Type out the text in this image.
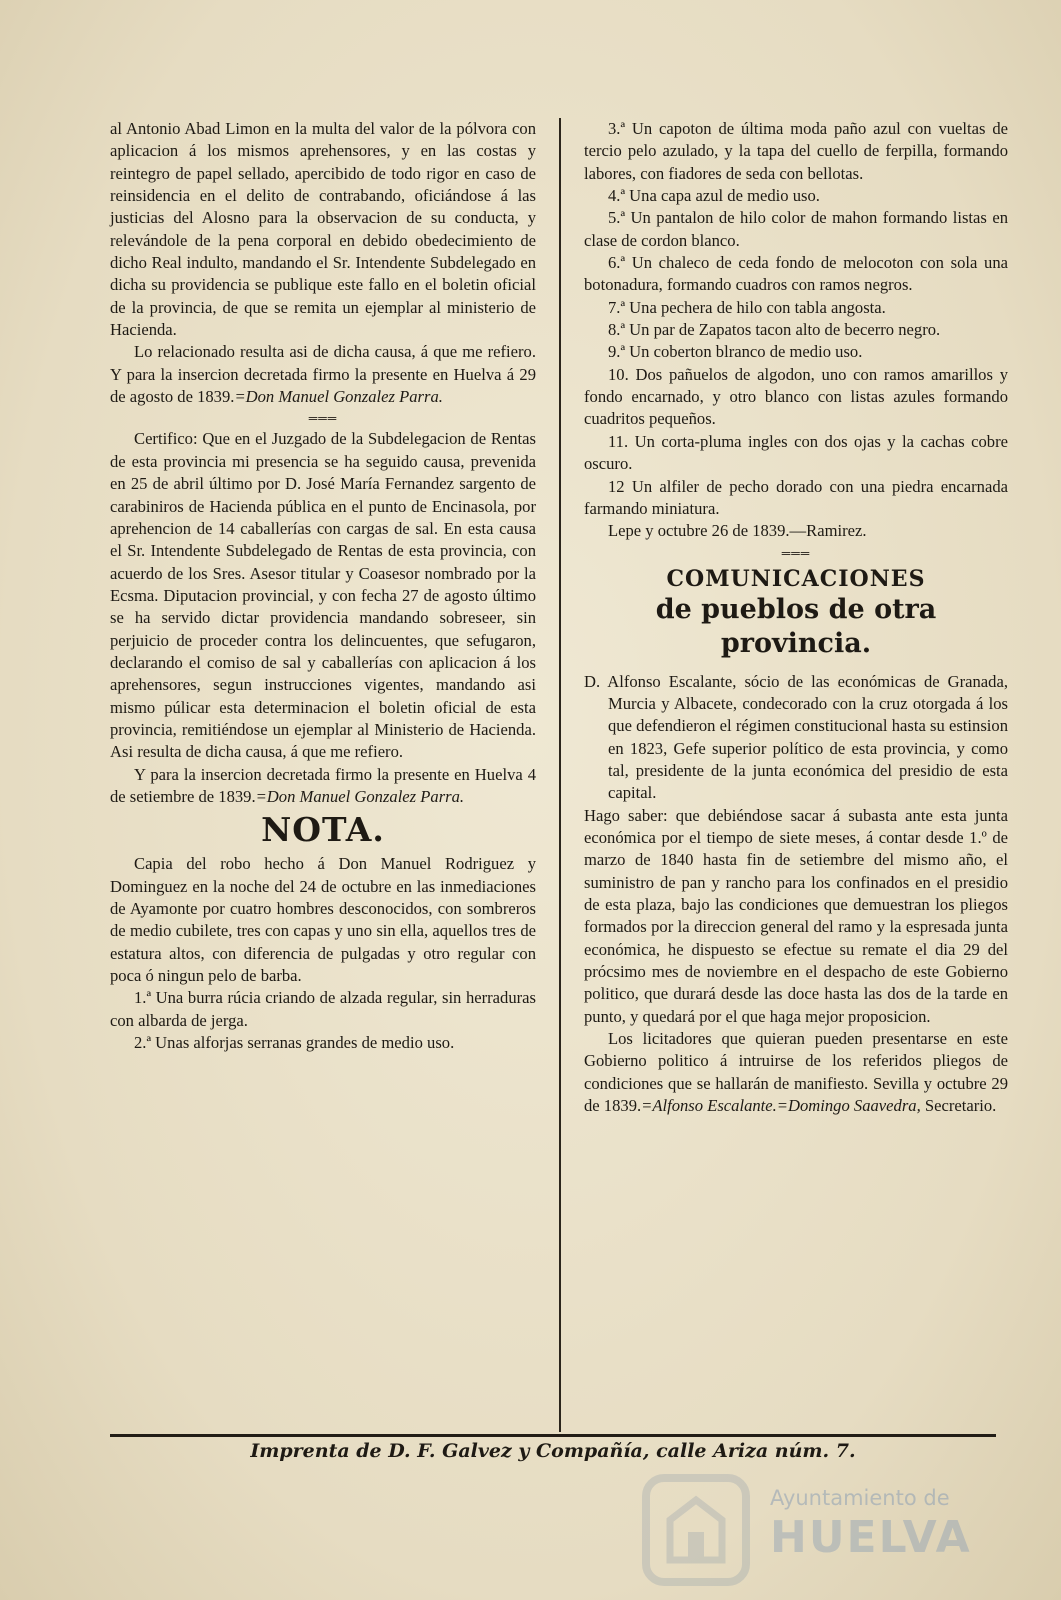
al Antonio Abad Limon en la multa del valor de la pólvora con aplicacion á los mismos aprehensores, y en las costas y reintegro de papel sellado, apercibido de todo rigor en caso de reinsidencia en el delito de contrabando, oficiándose á las justicias del Alosno para la observacion de su conducta, y relevándole de la pena corporal en debido obedecimiento de dicho Real indulto, mandando el Sr. Intendente Subdelegado en dicha su providencia se publique este fallo en el boletin oficial de la provincia, de que se remita un ejemplar al ministerio de Hacienda.

Lo relacionado resulta asi de dicha causa, á que me refiero. Y para la insercion decretada firmo la presente en Huelva á 29 de agosto de 1839.=Don Manuel Gonzalez Parra.

═══

Certifico: Que en el Juzgado de la Subdelegacion de Rentas de esta provincia mi presencia se ha seguido causa, prevenida en 25 de abril último por D. José María Fernandez sargento de carabiniros de Hacienda pública en el punto de Encinasola, por aprehencion de 14 caballerías con cargas de sal. En esta causa el Sr. Intendente Subdelegado de Rentas de esta provincia, con acuerdo de los Sres. Asesor titular y Coasesor nombrado por la Ecsma. Diputacion provincial, y con fecha 27 de agosto último se ha servido dictar providencia mandando sobreseer, sin perjuicio de proceder contra los delincuentes, que sefugaron, declarando el comiso de sal y caballerías con aplicacion á los aprehensores, segun instrucciones vigentes, mandando asi mismo púlicar esta determinacion el boletin oficial de esta provincia, remitiéndose un ejemplar al Ministerio de Hacienda. Asi resulta de dicha causa, á que me refiero.

Y para la insercion decretada firmo la presente en Huelva 4 de setiembre de 1839.=Don Manuel Gonzalez Parra.

NOTA.

Capia del robo hecho á Don Manuel Rodriguez y Dominguez en la noche del 24 de octubre en las inmediaciones de Ayamonte por cuatro hombres desconocidos, con sombreros de medio cubilete, tres con capas y uno sin ella, aquellos tres de estatura altos, con diferencia de pulgadas y otro regular con poca ó ningun pelo de barba.

1.ª Una burra rúcia criando de alzada regular, sin herraduras con albarda de jerga.

2.ª Unas alforjas serranas grandes de medio uso.

3.ª Un capoton de última moda paño azul con vueltas de tercio pelo azulado, y la tapa del cuello de ferpilla, formando labores, con fiadores de seda con bellotas.

4.ª Una capa azul de medio uso.

5.ª Un pantalon de hilo color de mahon formando listas en clase de cordon blanco.

6.ª Un chaleco de ceda fondo de melocoton con sola una botonadura, formando cuadros con ramos negros.

7.ª Una pechera de hilo con tabla angosta.

8.ª Un par de Zapatos tacon alto de becerro negro.

9.ª Un coberton blranco de medio uso.

10. Dos pañuelos de algodon, uno con ramos amarillos y fondo encarnado, y otro blanco con listas azules formando cuadritos pequeños.

11. Un corta-pluma ingles con dos ojas y la cachas cobre oscuro.

12 Un alfiler de pecho dorado con una piedra encarnada farmando miniatura.

Lepe y octubre 26 de 1839.—Ramirez.

═══
COMUNICACIONES
de pueblos de otra provincia.

D. Alfonso Escalante, sócio de las económicas de Granada, Murcia y Albacete, condecorado con la cruz otorgada á los que defendieron el régimen constitucional hasta su estinsion en 1823, Gefe superior político de esta provincia, y como tal, presidente de la junta económica del presidio de esta capital.

Hago saber: que debiéndose sacar á subasta ante esta junta económica por el tiempo de siete meses, á contar desde 1.º de marzo de 1840 hasta fin de setiembre del mismo año, el suministro de pan y rancho para los confinados en el presidio de esta plaza, bajo las condiciones que demuestran los pliegos formados por la direccion general del ramo y la espresada junta económica, he dispuesto se efectue su remate el dia 29 del prócsimo mes de noviembre en el despacho de este Gobierno politico, que durará desde las doce hasta las dos de la tarde en punto, y quedará por el que haga mejor proposicion.

Los licitadores que quieran pueden presentarse en este Gobierno politico á intruirse de los referidos pliegos de condiciones que se hallarán de manifiesto. Sevilla y octubre 29 de 1839.=Alfonso Escalante.=Domingo Saavedra, Secretario.

Imprenta de D. F. Galvez y Compañía, calle Ariza núm. 7.
Ayuntamiento de
HUELVA
